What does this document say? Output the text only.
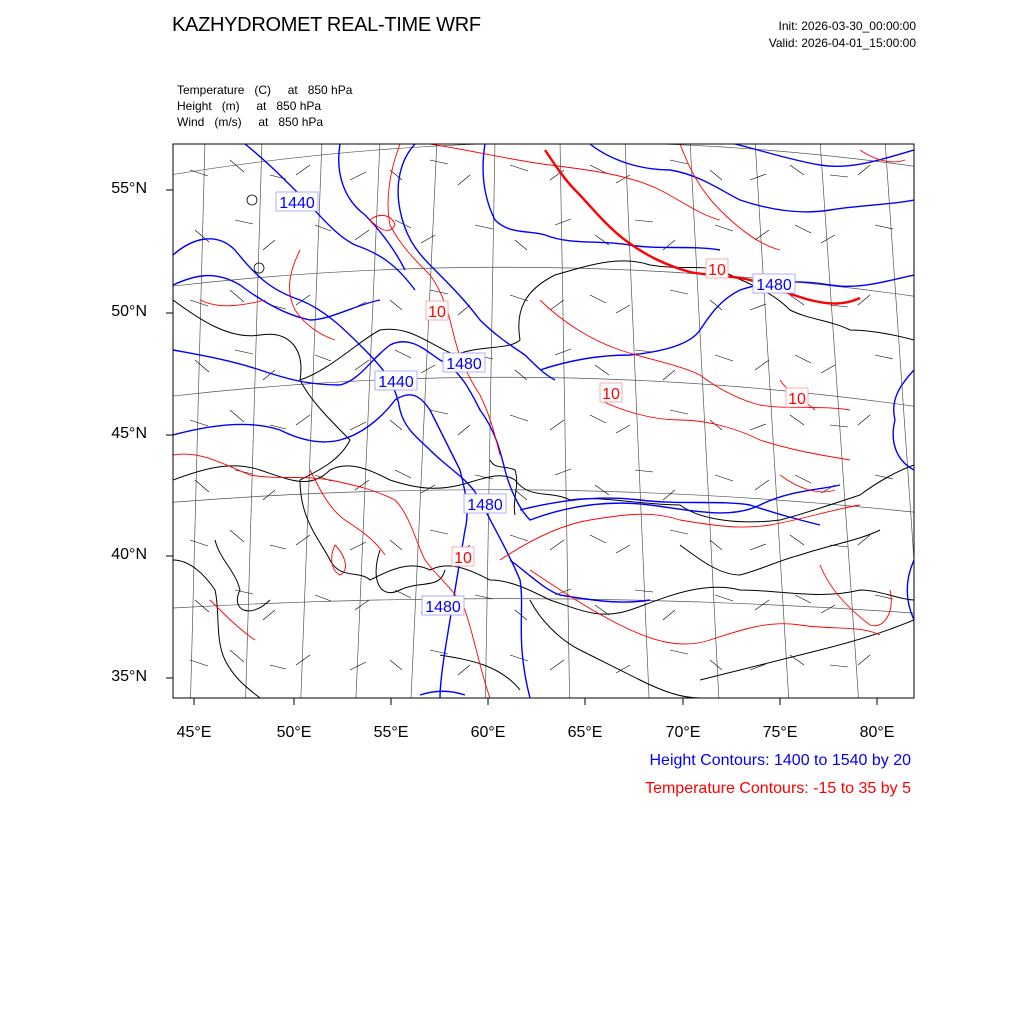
KAZHYDROMET REAL-TIME WRF	Init: 2026-03-30_00:00:00
Valid: 2026-04-01_15:00:00
Temperature   (C)     at   850 hPa
Height   (m)     at   850 hPa
Wind   (m/s)     at   850 hPa
1440
1440
1480
1480
1480
1480
10
10	10
10
10
55°N
50°N
45°N
40°N
35°N
45°E	50°E	55°E	60°E	65°E	70°E	75°E	80°E
Height Contours: 1400 to 1540 by 20
Temperature Contours: -15 to 35 by 5
